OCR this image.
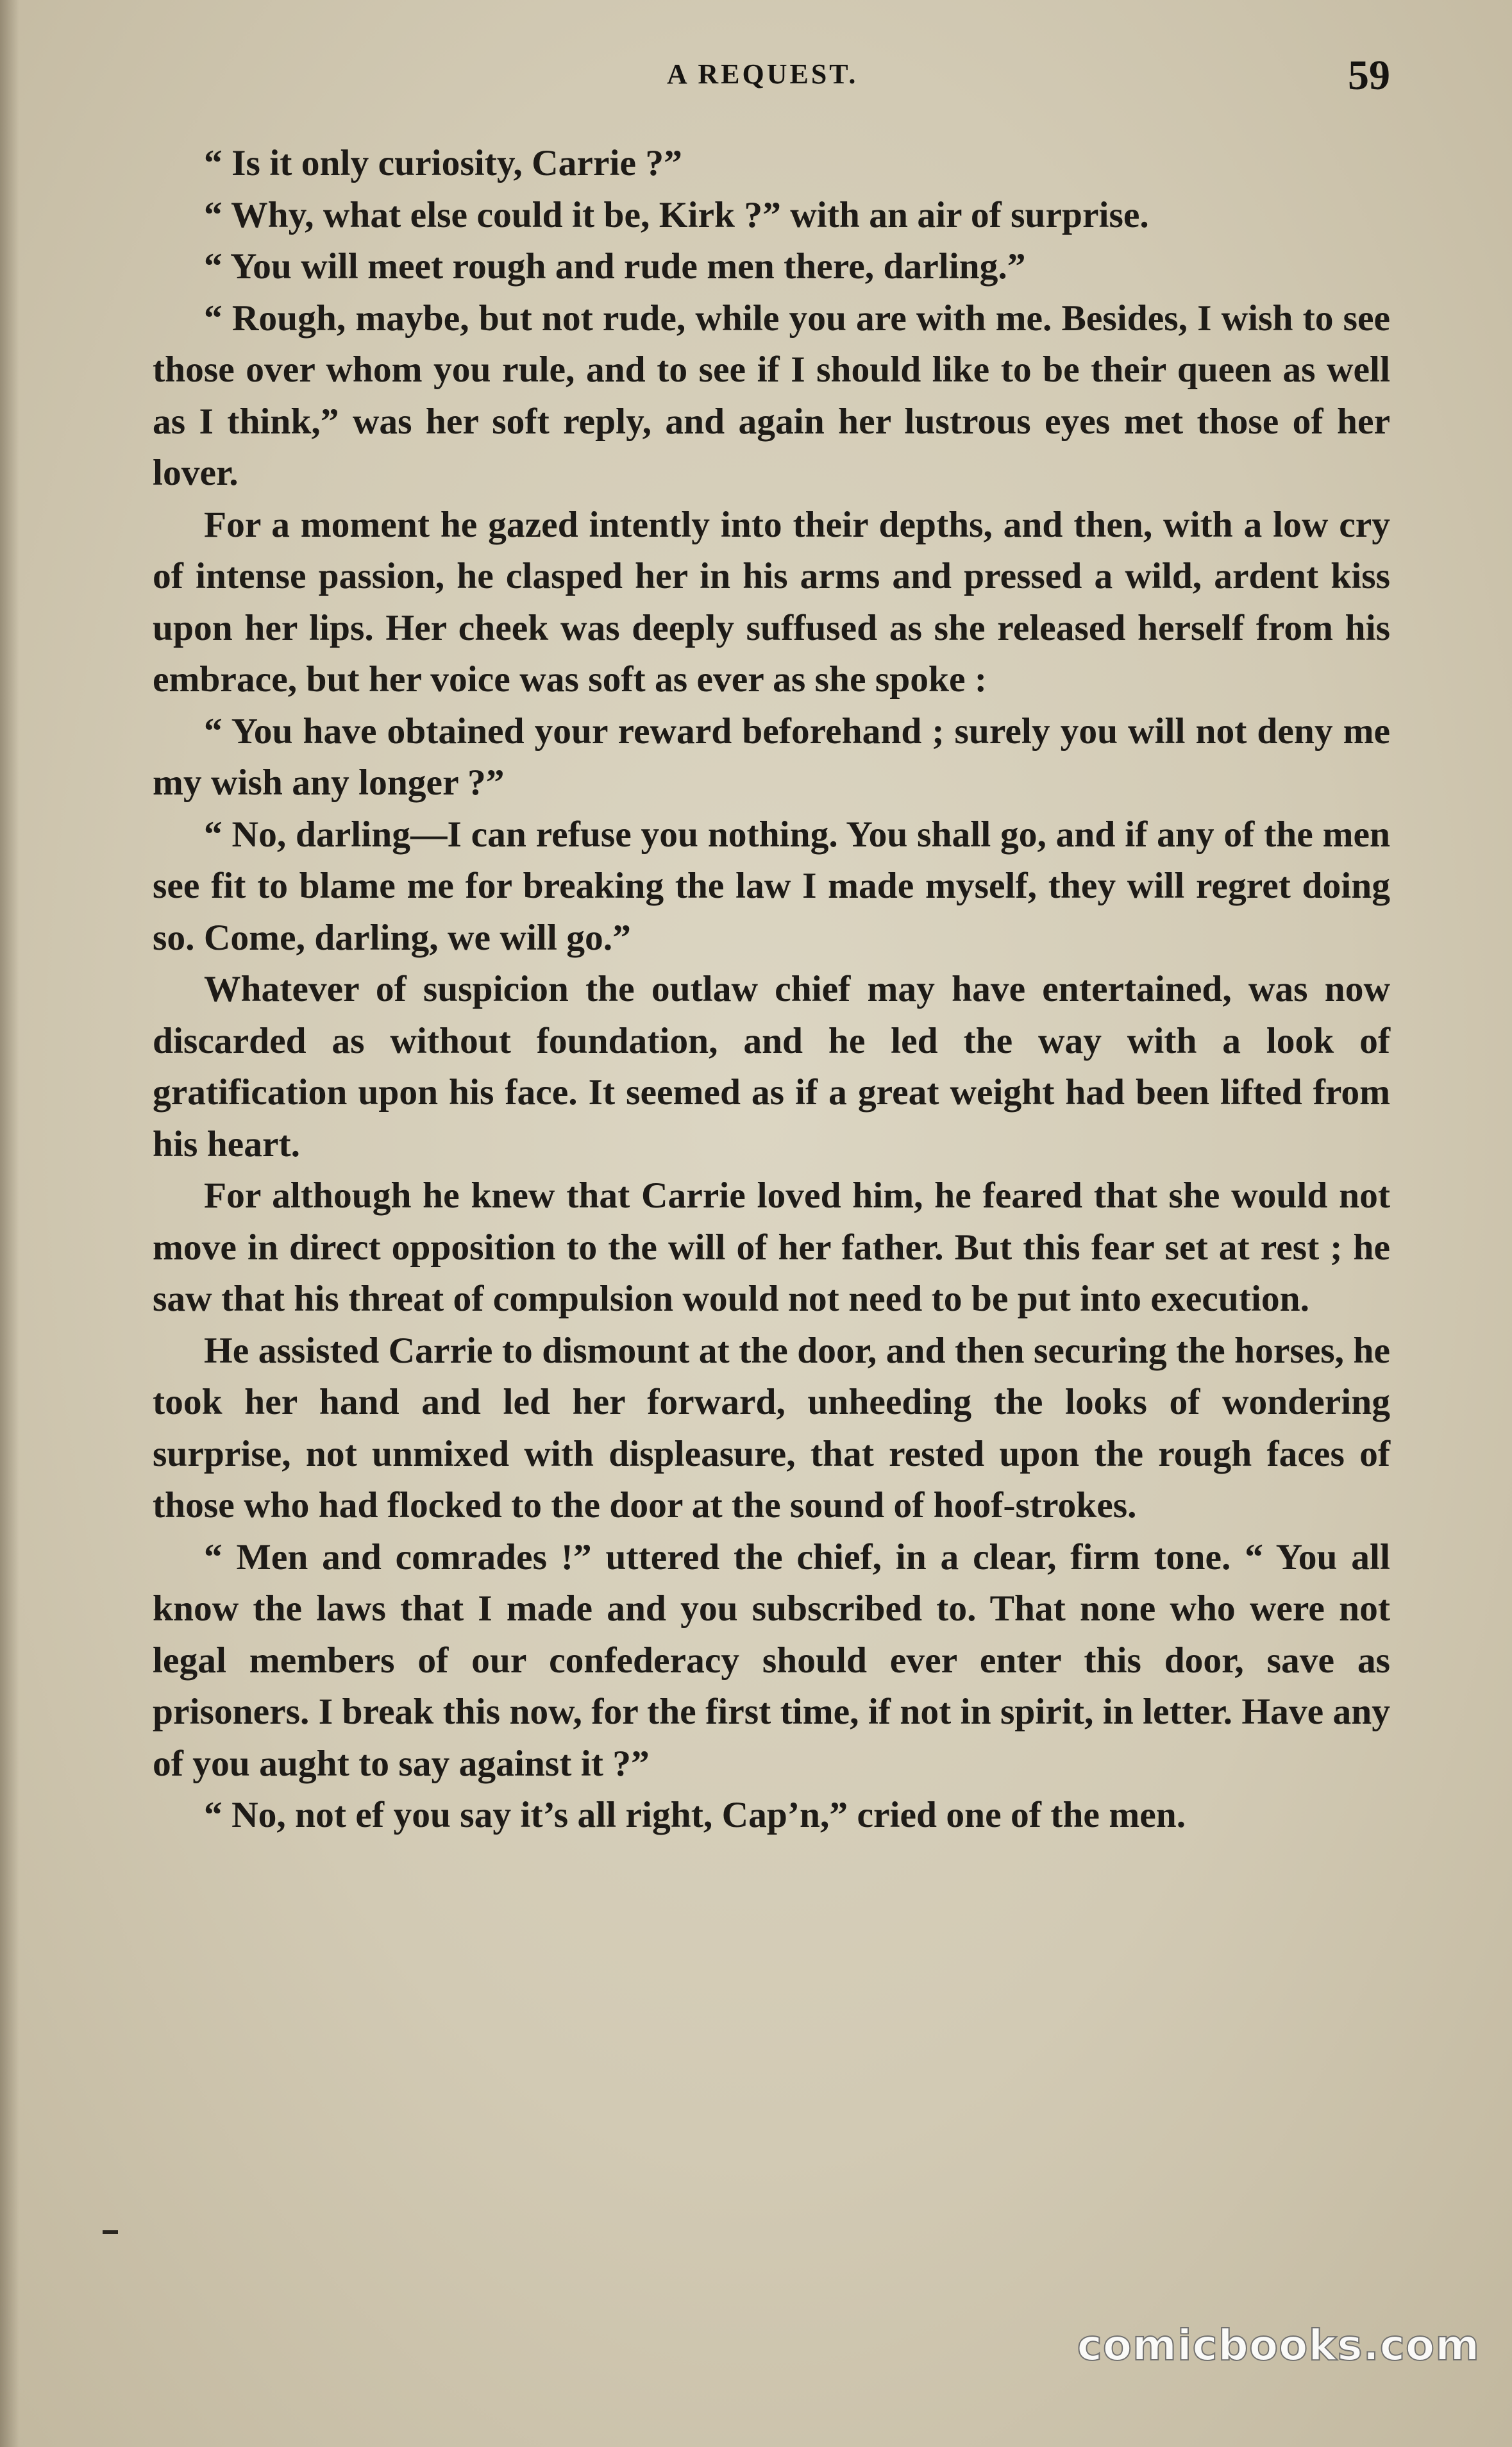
A REQUEST.	59

“ Is it only curiosity, Carrie ?”

“ Why, what else could it be, Kirk ?” with an air of surprise.

“ You will meet rough and rude men there, darling.”

“ Rough, maybe, but not rude, while you are with me. Besides, I wish to see those over whom you rule, and to see if I should like to be their queen as well as I think,” was her soft reply, and again her lustrous eyes met those of her lover.

For a moment he gazed intently into their depths, and then, with a low cry of intense passion, he clasped her in his arms and pressed a wild, ardent kiss upon her lips. Her cheek was deeply suffused as she released herself from his embrace, but her voice was soft as ever as she spoke :

“ You have obtained your reward beforehand ; surely you will not deny me my wish any longer ?”

“ No, darling—I can refuse you nothing. You shall go, and if any of the men see fit to blame me for breaking the law I made myself, they will regret doing so. Come, darling, we will go.”

Whatever of suspicion the outlaw chief may have entertained, was now discarded as without foundation, and he led the way with a look of gratification upon his face. It seemed as if a great weight had been lifted from his heart.

For although he knew that Carrie loved him, he feared that she would not move in direct opposition to the will of her father. But this fear set at rest ; he saw that his threat of compulsion would not need to be put into execution.

He assisted Carrie to dismount at the door, and then securing the horses, he took her hand and led her forward, unheeding the looks of wondering surprise, not unmixed with displeasure, that rested upon the rough faces of those who had flocked to the door at the sound of hoof-strokes.

“ Men and comrades !” uttered the chief, in a clear, firm tone. “ You all know the laws that I made and you subscribed to. That none who were not legal members of our confederacy should ever enter this door, save as prisoners. I break this now, for the first time, if not in spirit, in letter. Have any of you aught to say against it ?”

“ No, not ef you say it’s all right, Cap’n,” cried one of the men.

comicbooks.com
